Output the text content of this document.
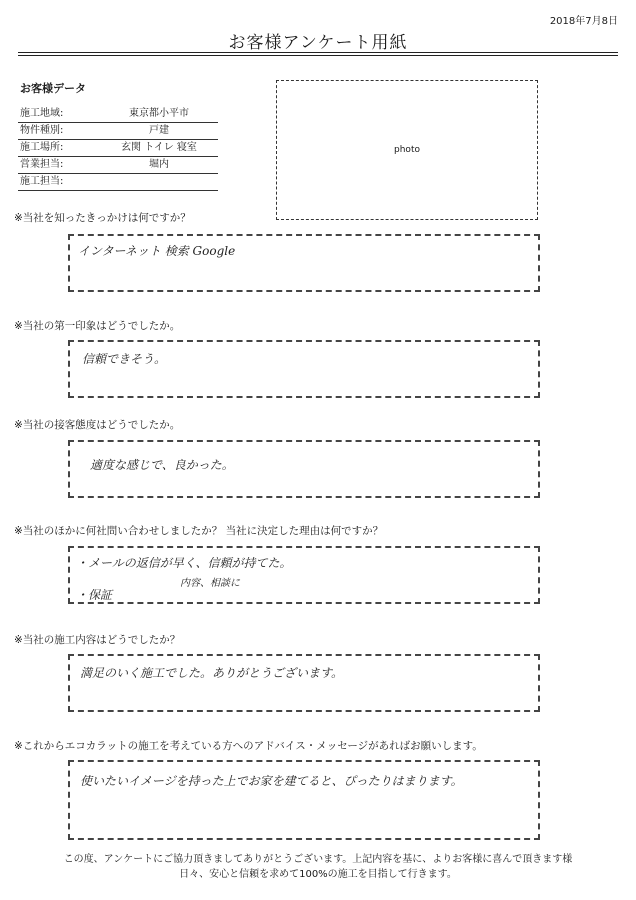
2018年7月8日
お客様アンケート用紙
お客様データ
施工地域:	東京都小平市
物件種別:	戸建
施工場所:	玄関 トイレ 寝室
営業担当:	堀内
施工担当:
photo
※当社を知ったきっかけは何ですか？
インターネット 検索 Google
※当社の第一印象はどうでしたか。
信頼できそう。
※当社の接客態度はどうでしたか。
適度な感じで、良かった。
※当社のほかに何社問い合わせしましたか？ 当社に決定した理由は何ですか？
・メールの返信が早く、信頼が持てた。
内容、相談に
・保証
※当社の施工内容はどうでしたか？
満足のいく施工でした。ありがとうございます。
※これからエコカラットの施工を考えている方へのアドバイス・メッセージがあればお願いします。
使いたいイメージを持った上でお家を建てると、ぴったりはまります。
この度、アンケートにご協力頂きましてありがとうございます。上記内容を基に、よりお客様に喜んで頂きます様
日々、安心と信頼を求めて100%の施工を目指して行きます。
